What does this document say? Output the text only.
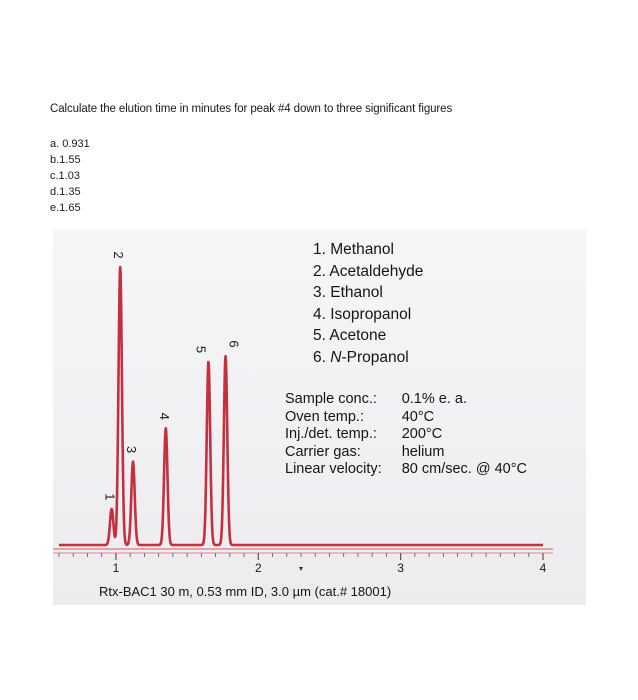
Calculate the elution time in minutes for peak #4 down to three significant figures
a. 0.931
b.1.55
c.1.03
d.1.35
e.1.65
1	2	3	4
1
2
3
4
5
6
1. Methanol
2. Acetaldehyde
3. Ethanol
4. Isopropanol
5. Acetone
6. N-Propanol
Sample conc.:	0.1% e. a.
Oven temp.:	40°C
Inj./det. temp.:	200°C
Carrier gas:	helium
Linear velocity:	80 cm/sec. @ 40°C
Rtx-BAC1 30 m, 0.53 mm ID, 3.0 µm (cat.# 18001)
